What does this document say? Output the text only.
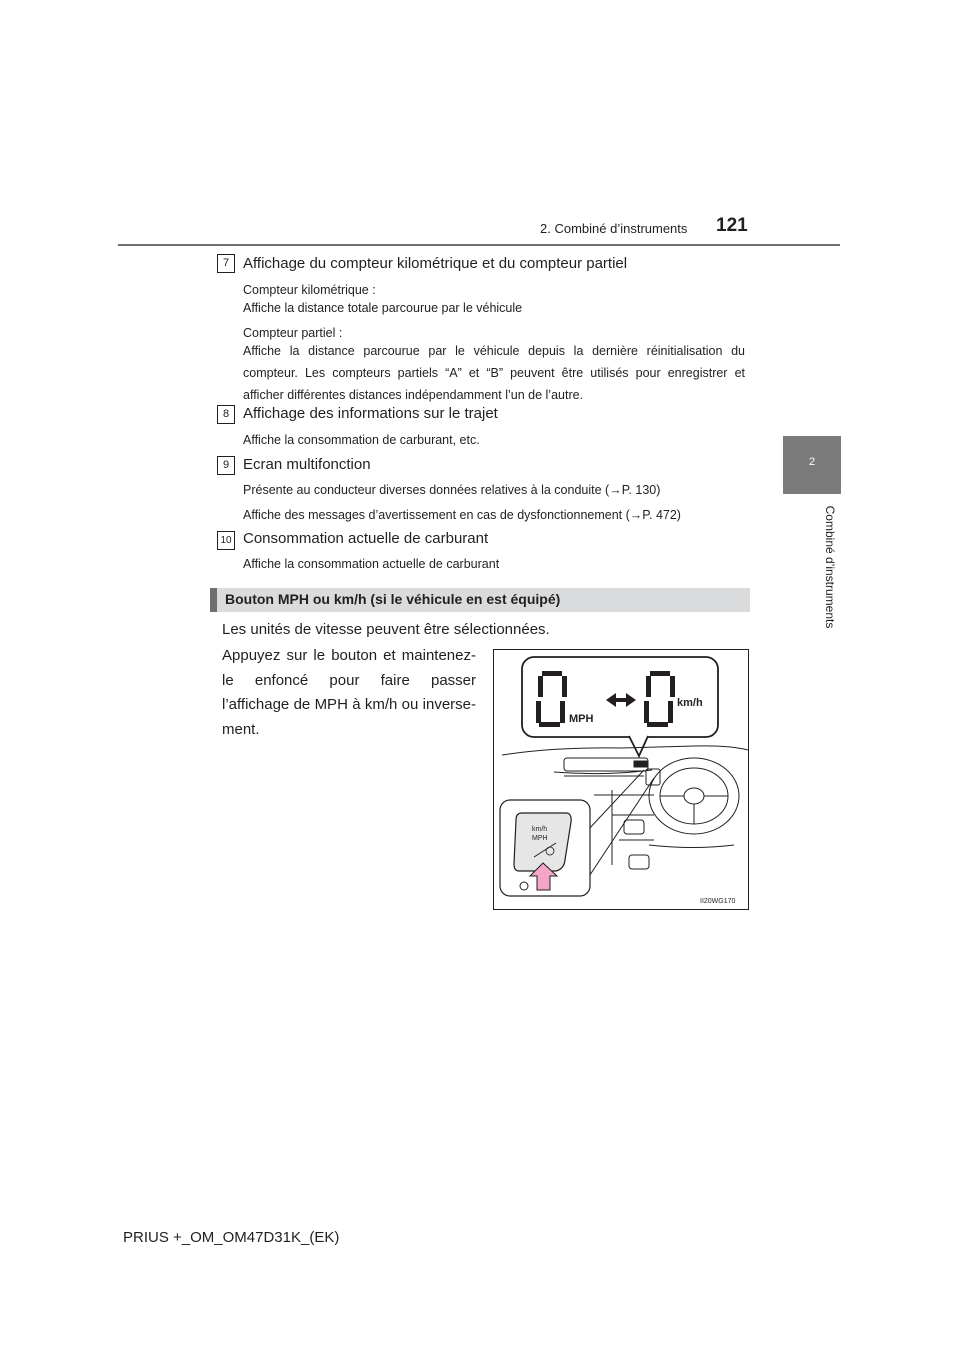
2. Combiné d’instruments 121
2
Combiné d’instruments
7 Affichage du compteur kilométrique et du compteur partiel
Compteur kilométrique :
Affiche la distance totale parcourue par le véhicule
Compteur partiel :
Affiche la distance parcourue par le véhicule depuis la dernière réinitialisation du compteur. Les compteurs partiels “A” et “B” peuvent être utilisés pour enregistrer et afficher différentes distances indépendamment l’un de l’autre.
8 Affichage des informations sur le trajet
Affiche la consommation de carburant, etc.
9 Ecran multifonction
Présente au conducteur diverses données relatives à la conduite (→P. 130)
Affiche des messages d’avertissement en cas de dysfonctionnement (→P. 472)
10 Consommation actuelle de carburant
Affiche la consommation actuelle de carburant
Bouton MPH ou km/h (si le véhicule en est équipé)
Les unités de vitesse peuvent être sélectionnées.
Appuyez sur le bouton et maintenez-le enfoncé pour faire passer l’affichage de MPH à km/h ou inverse-ment.
MPH
km/h
km/h
MPH
II20WG170
PRIUS +_OM_OM47D31K_(EK)
